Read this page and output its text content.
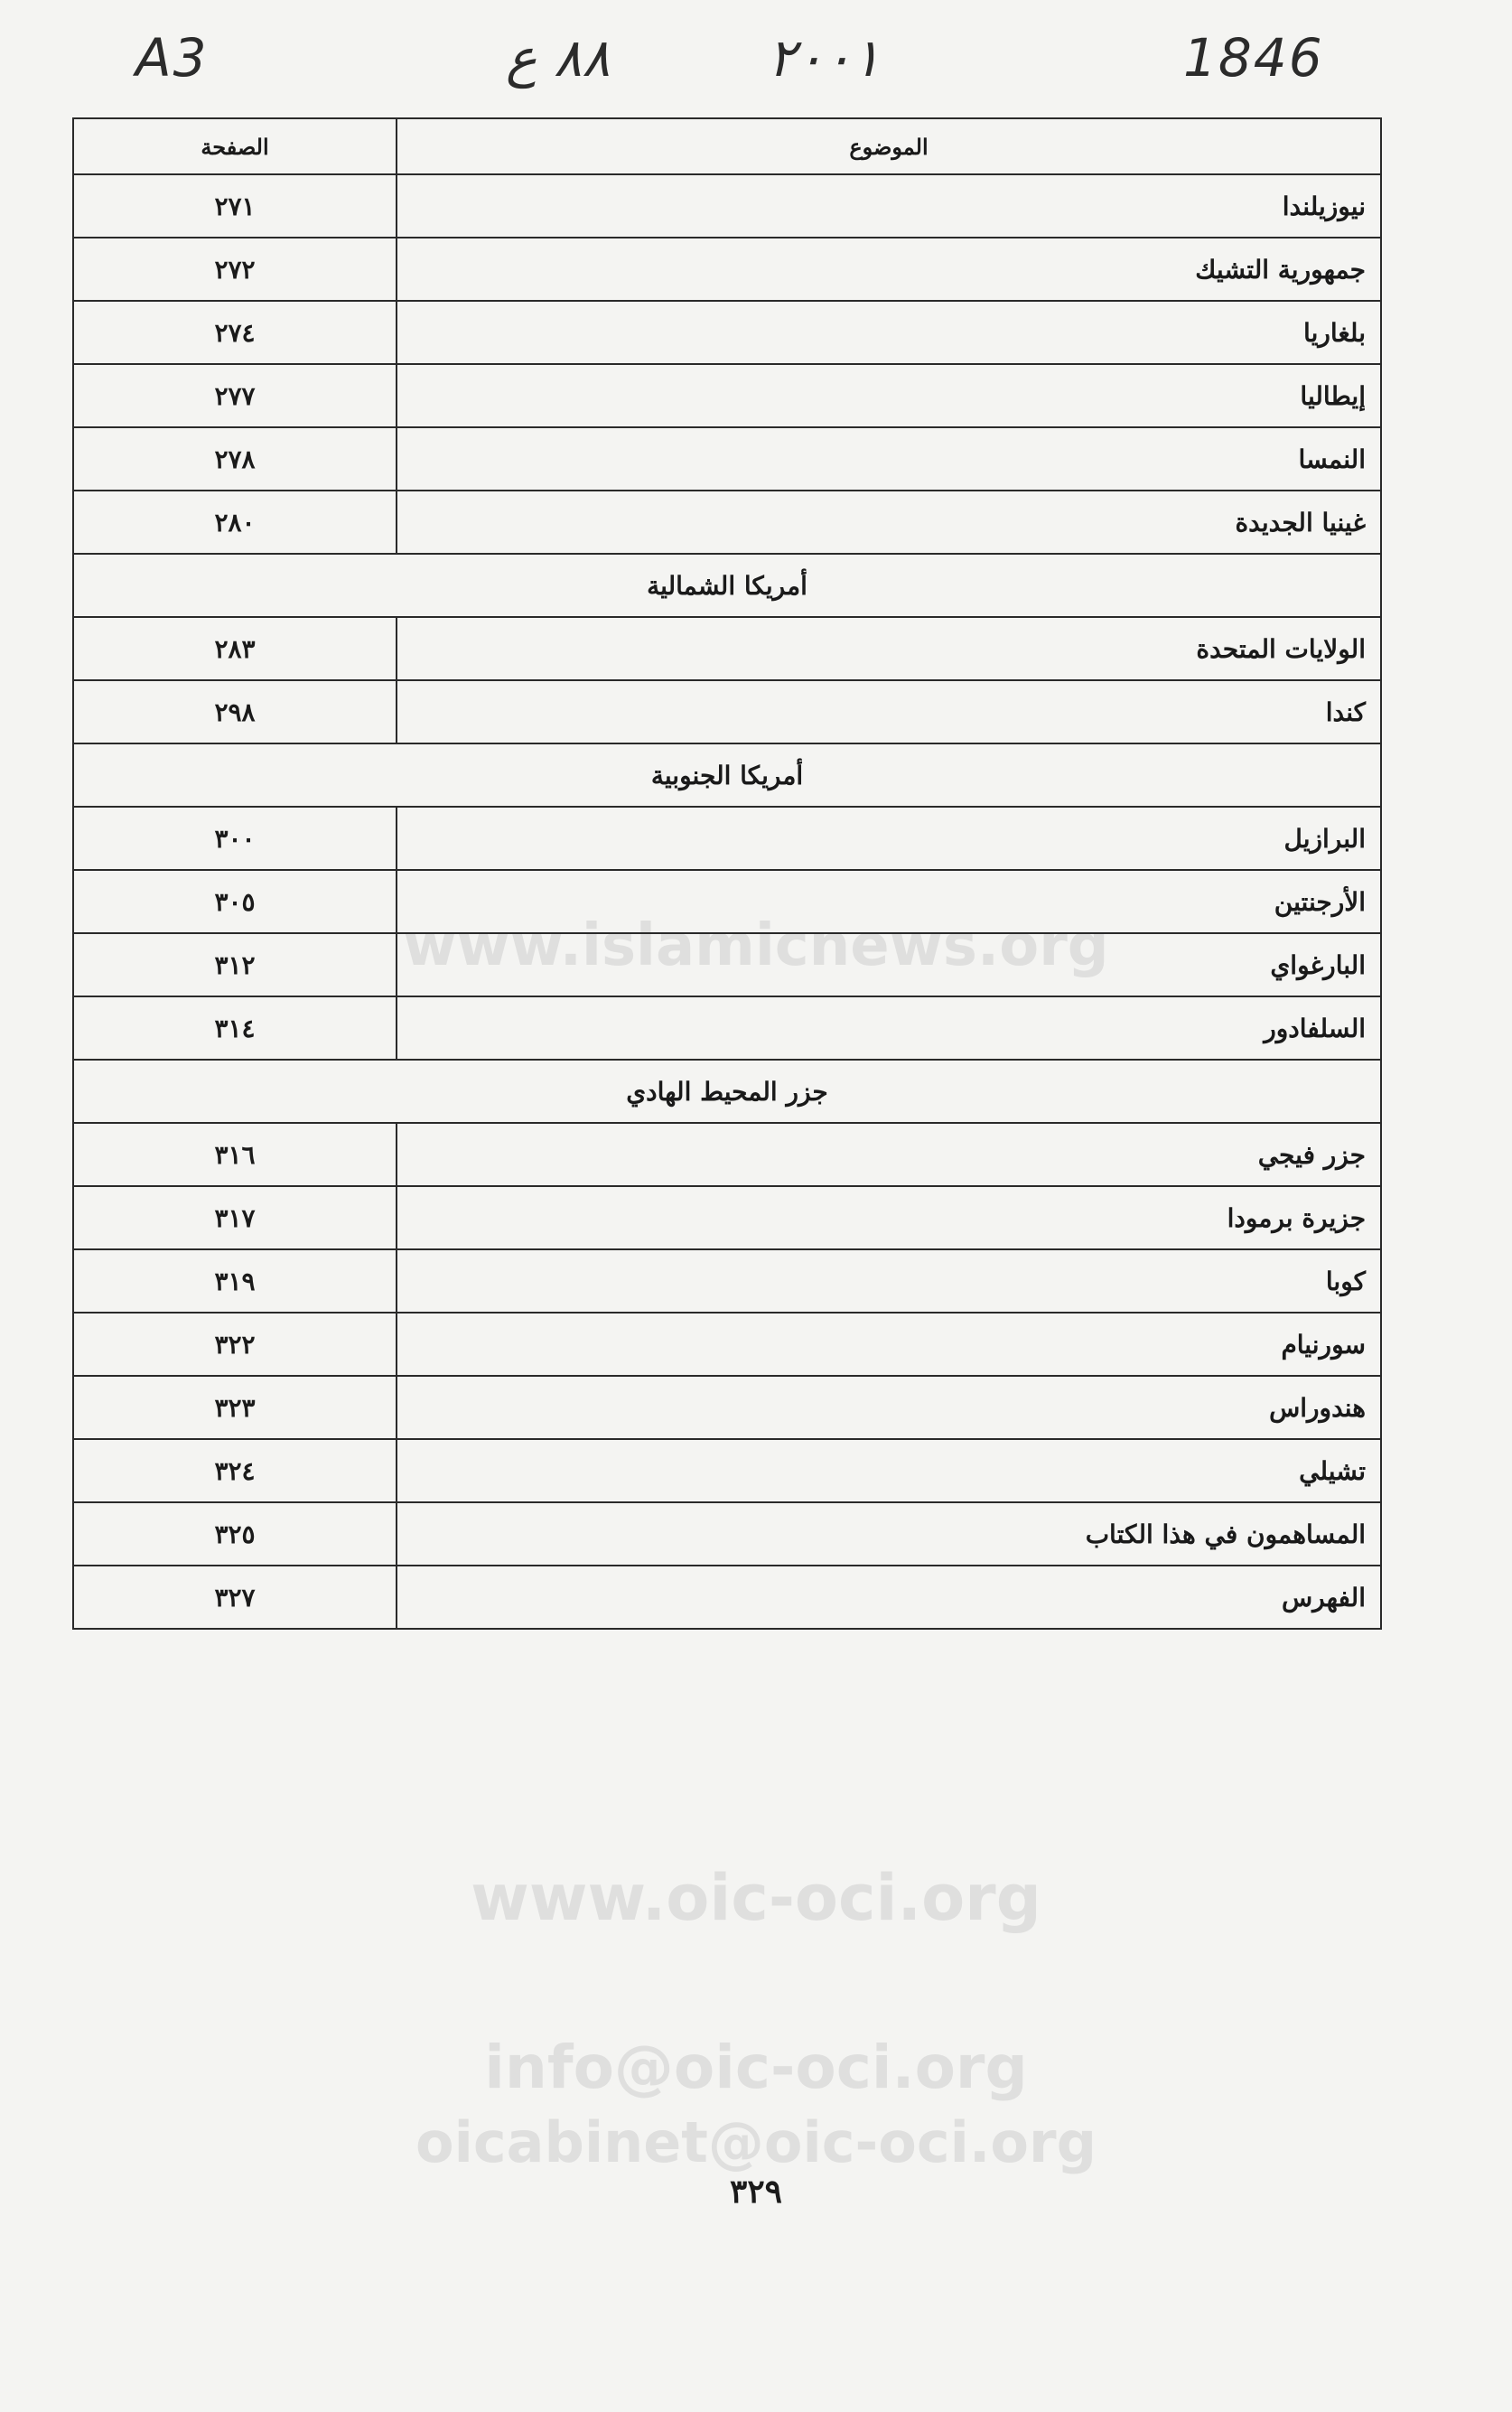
A3	٨٨ ع	٢٠٠١	1846
www.islamicnews.org
www.oic-oci.org
info@oic-oci.org
oicabinet@oic-oci.org
الموضوع	الصفحة
نيوزيلندا	٢٧١
جمهورية التشيك	٢٧٢
بلغاريا	٢٧٤
إيطاليا	٢٧٧
النمسا	٢٧٨
غينيا الجديدة	٢٨٠
أمريكا الشمالية	
الولايات المتحدة	٢٨٣
كندا	٢٩٨
أمريكا الجنوبية	
البرازيل	٣٠٠
الأرجنتين	٣٠٥
البارغواي	٣١٢
السلفادور	٣١٤
جزر المحيط الهادي	
جزر فيجي	٣١٦
جزيرة برمودا	٣١٧
كوبا	٣١٩
سورنيام	٣٢٢
هندوراس	٣٢٣
تشيلي	٣٢٤
المساهمون في هذا الكتاب	٣٢٥
الفهرس	٣٢٧
٣٢٩
